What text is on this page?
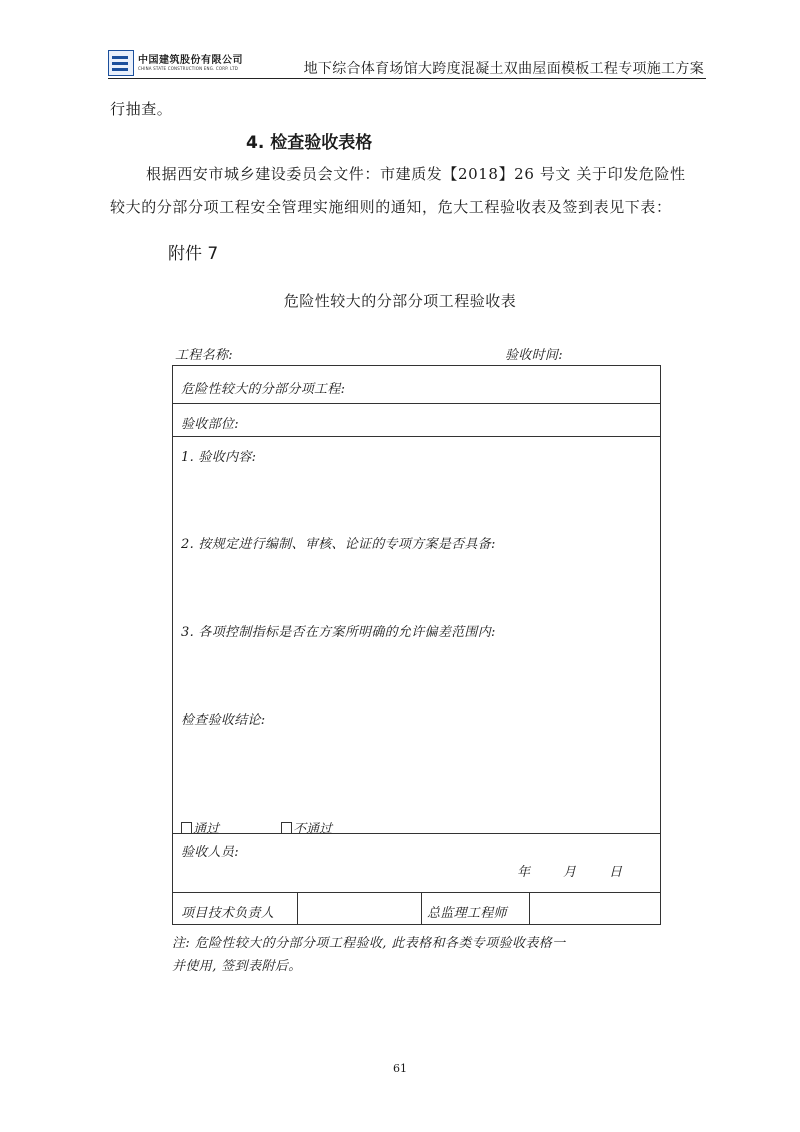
中国建筑股份有限公司
CHINA STATE CONSTRUCTION ENG. CORP. LTD	地下综合体育场馆大跨度混凝土双曲屋面模板工程专项施工方案
行抽查。
4. 检查验收表格
根据西安市城乡建设委员会文件：市建质发【2018】26 号文 关于印发危险性
较大的分部分项工程安全管理实施细则的通知，危大工程验收表及签到表见下表：
附件 7
危险性较大的分部分项工程验收表
工程名称:	验收时间:
危险性较大的分部分项工程:
验收部位:
1. 验收内容:
2. 按规定进行编制、审核、论证的专项方案是否具备:
3. 各项控制指标是否在方案所明确的允许偏差范围内:
检查验收结论:
通过	不通过
验收人员:
年	月	日
项目技术负责人	总监理工程师
注: 危险性较大的分部分项工程验收, 此表格和各类专项验收表格一
并使用, 签到表附后。
61
